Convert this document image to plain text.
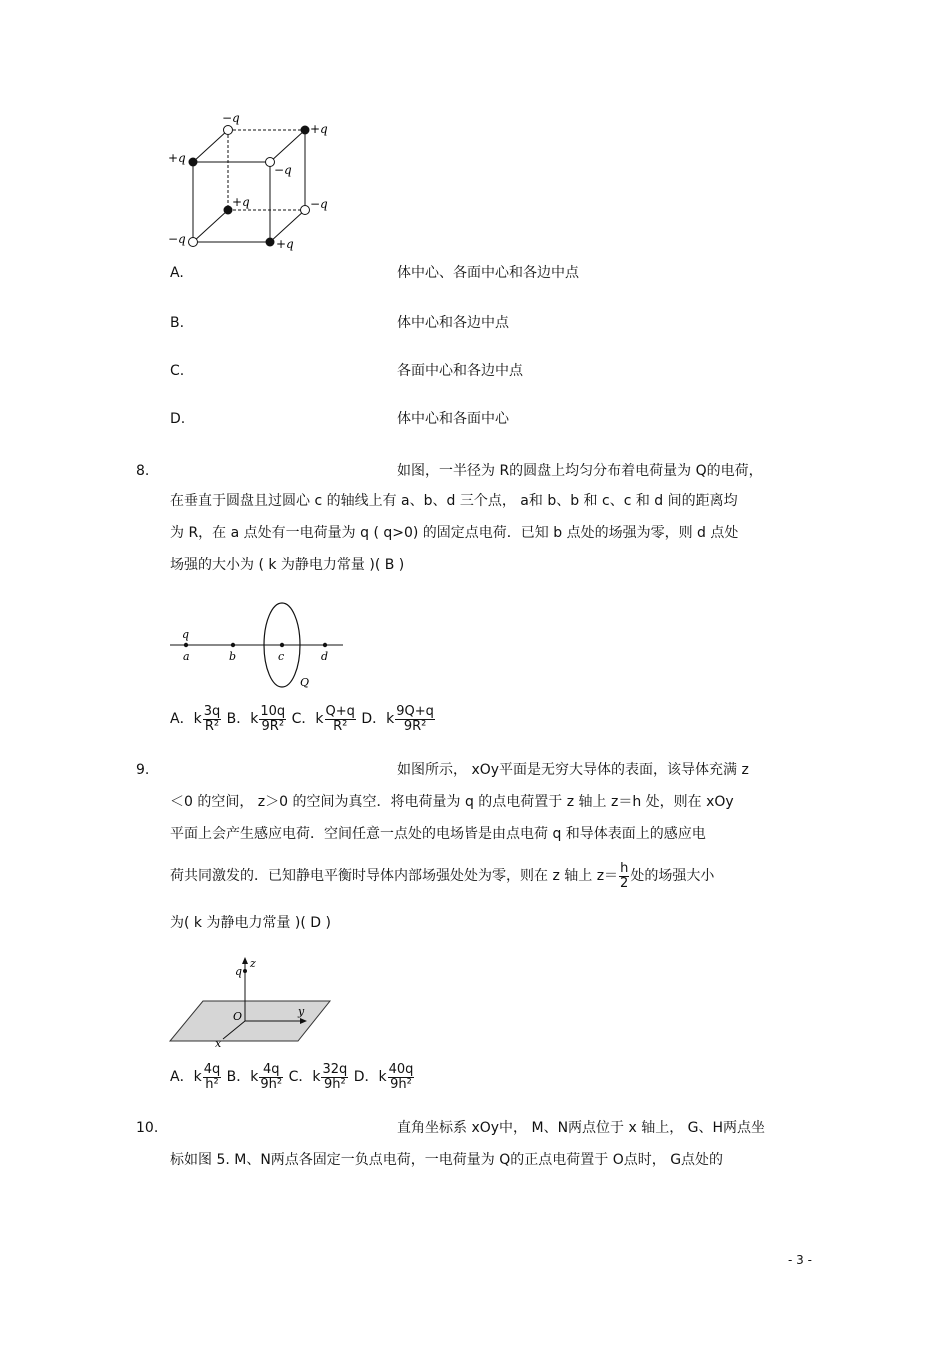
−q
+q
+q
−q
+q	−q
−q	+q
A.	体中心、各面中心和各边中点
B.	体中心和各边中点
C.	各面中心和各边中点
D.	体中心和各面中心
8.	如图，一半径为 R的圆盘上均匀分布着电荷量为 Q的电荷，
在垂直于圆盘且过圆心 c 的轴线上有 a、b、d 三个点， a和 b、b 和 c、c 和 d 间的距离均
为 R，在 a 点处有一电荷量为 q ( q>0) 的固定点电荷．已知 b 点处的场强为零，则 d 点处
场强的大小为 ( k 为静电力常量 )( B )
q
a	b	c	d
Q
A．k $\frac{3q}{\text{R²}}$ B．k $\frac{10q}{\text{9R²}}$ C．k $\frac{Q+q}{\text{R²}}$ D．k $\frac{9Q+q}{\text{9R²}}$
9.	如图所示， xOy平面是无穷大导体的表面，该导体充满 z
＜0 的空间， z＞0 的空间为真空．将电荷量为 q 的点电荷置于 z 轴上 z＝h 处，则在 xOy
平面上会产生感应电荷．空间任意一点处的电场皆是由点电荷 q 和导体表面上的感应电
荷共同激发的．已知静电平衡时导体内部场强处处为零，则在 z 轴上 $z= \frac{h}{2}$ 处的场强大小
为( k 为静电力常量 )( D )
q
z
O	y
x
A．k $\frac{4q}{\text{h²}}$ B．k $\frac{4q}{\text{9h²}}$ C．k $\frac{32q}{\text{9h²}}$ D．k $\frac{40q}{\text{9h²}}$
10.	直角坐标系 xOy中， M、N两点位于 x 轴上， G、H两点坐
标如图 5. M、N两点各固定一负点电荷，一电荷量为 Q的正点电荷置于 O点时， G点处的
- 3 -
